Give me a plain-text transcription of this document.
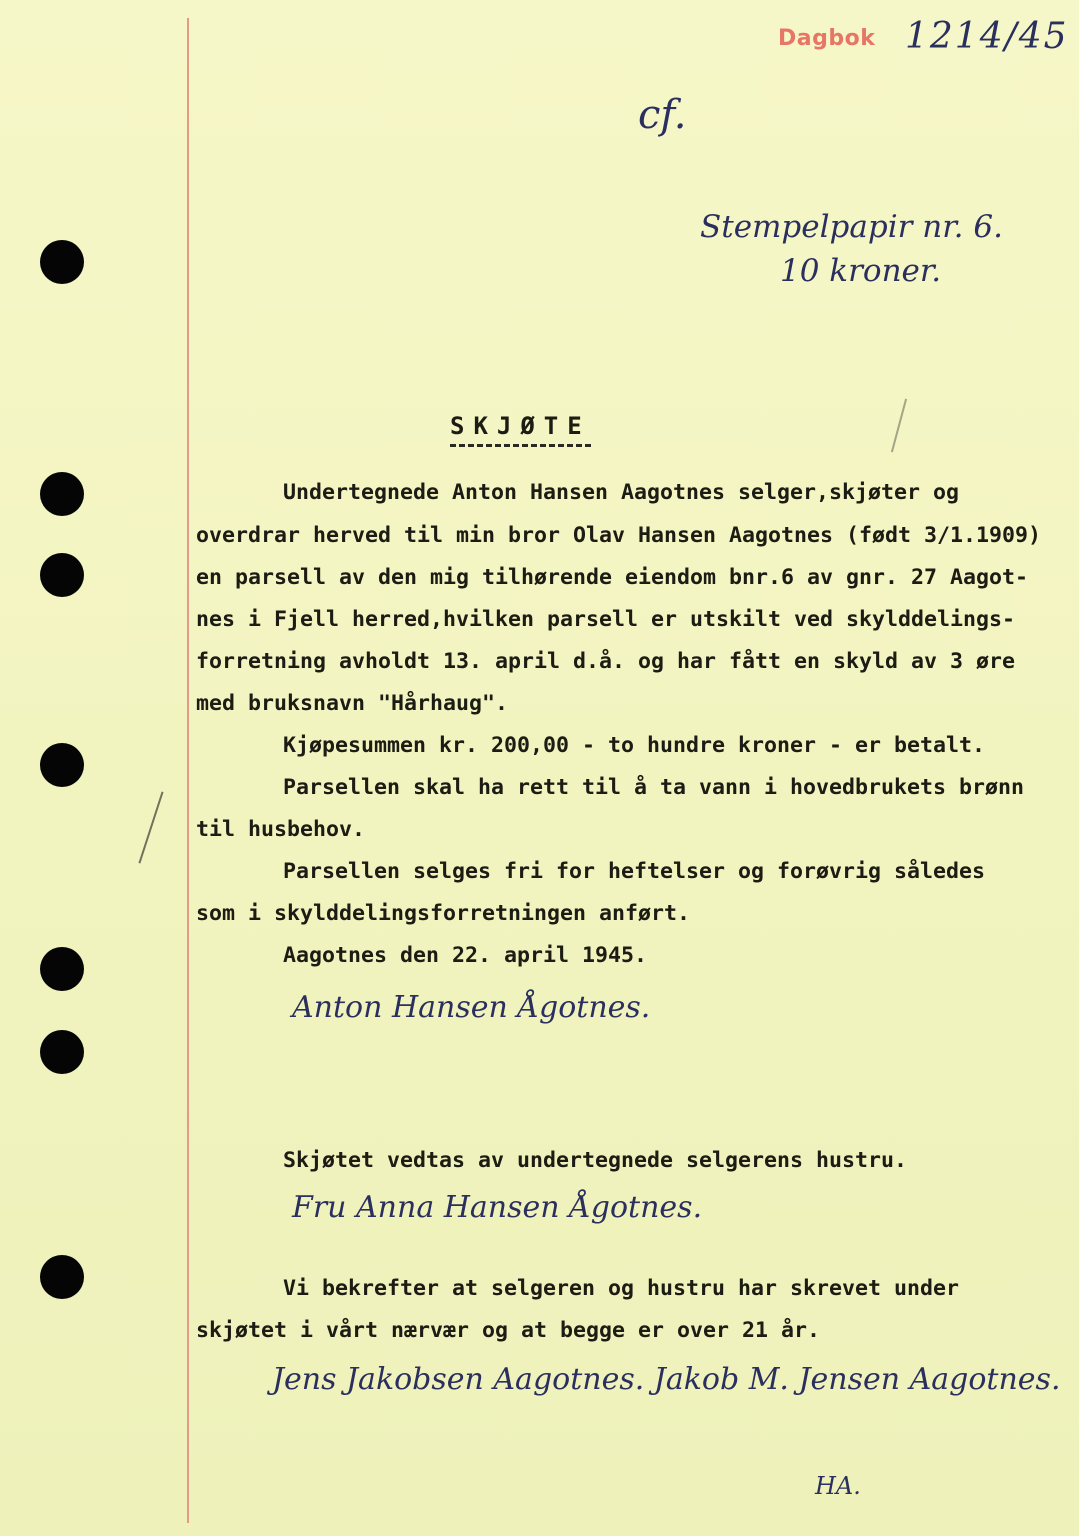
Dagbok 1214/45
cf.
Stempelpapir nr. 6.
10 kroner.
SKJØTE
Undertegnede Anton Hansen Aagotnes selger,skjøter og
overdrar herved til min bror Olav Hansen Aagotnes (født 3/1.1909)
en parsell av den mig tilhørende eiendom bnr.6 av gnr. 27 Aagot-
nes i Fjell herred,hvilken parsell er utskilt ved skylddelings-
forretning avholdt 13. april d.å. og har fått en skyld av 3 øre
med bruksnavn "Hårhaug".
Kjøpesummen kr. 200,00 - to hundre kroner - er betalt.
Parsellen skal ha rett til å ta vann i hovedbrukets brønn
til husbehov.
Parsellen selges fri for heftelser og forøvrig således
som i skylddelingsforretningen anført.
Aagotnes den 22. april 1945.
Anton Hansen Ågotnes.
Skjøtet vedtas av undertegnede selgerens hustru.
Fru Anna Hansen Ågotnes.
Vi bekrefter at selgeren og hustru har skrevet under
skjøtet i vårt nærvær og at begge er over 21 år.
Jens Jakobsen Aagotnes. Jakob M. Jensen Aagotnes.
HA.
